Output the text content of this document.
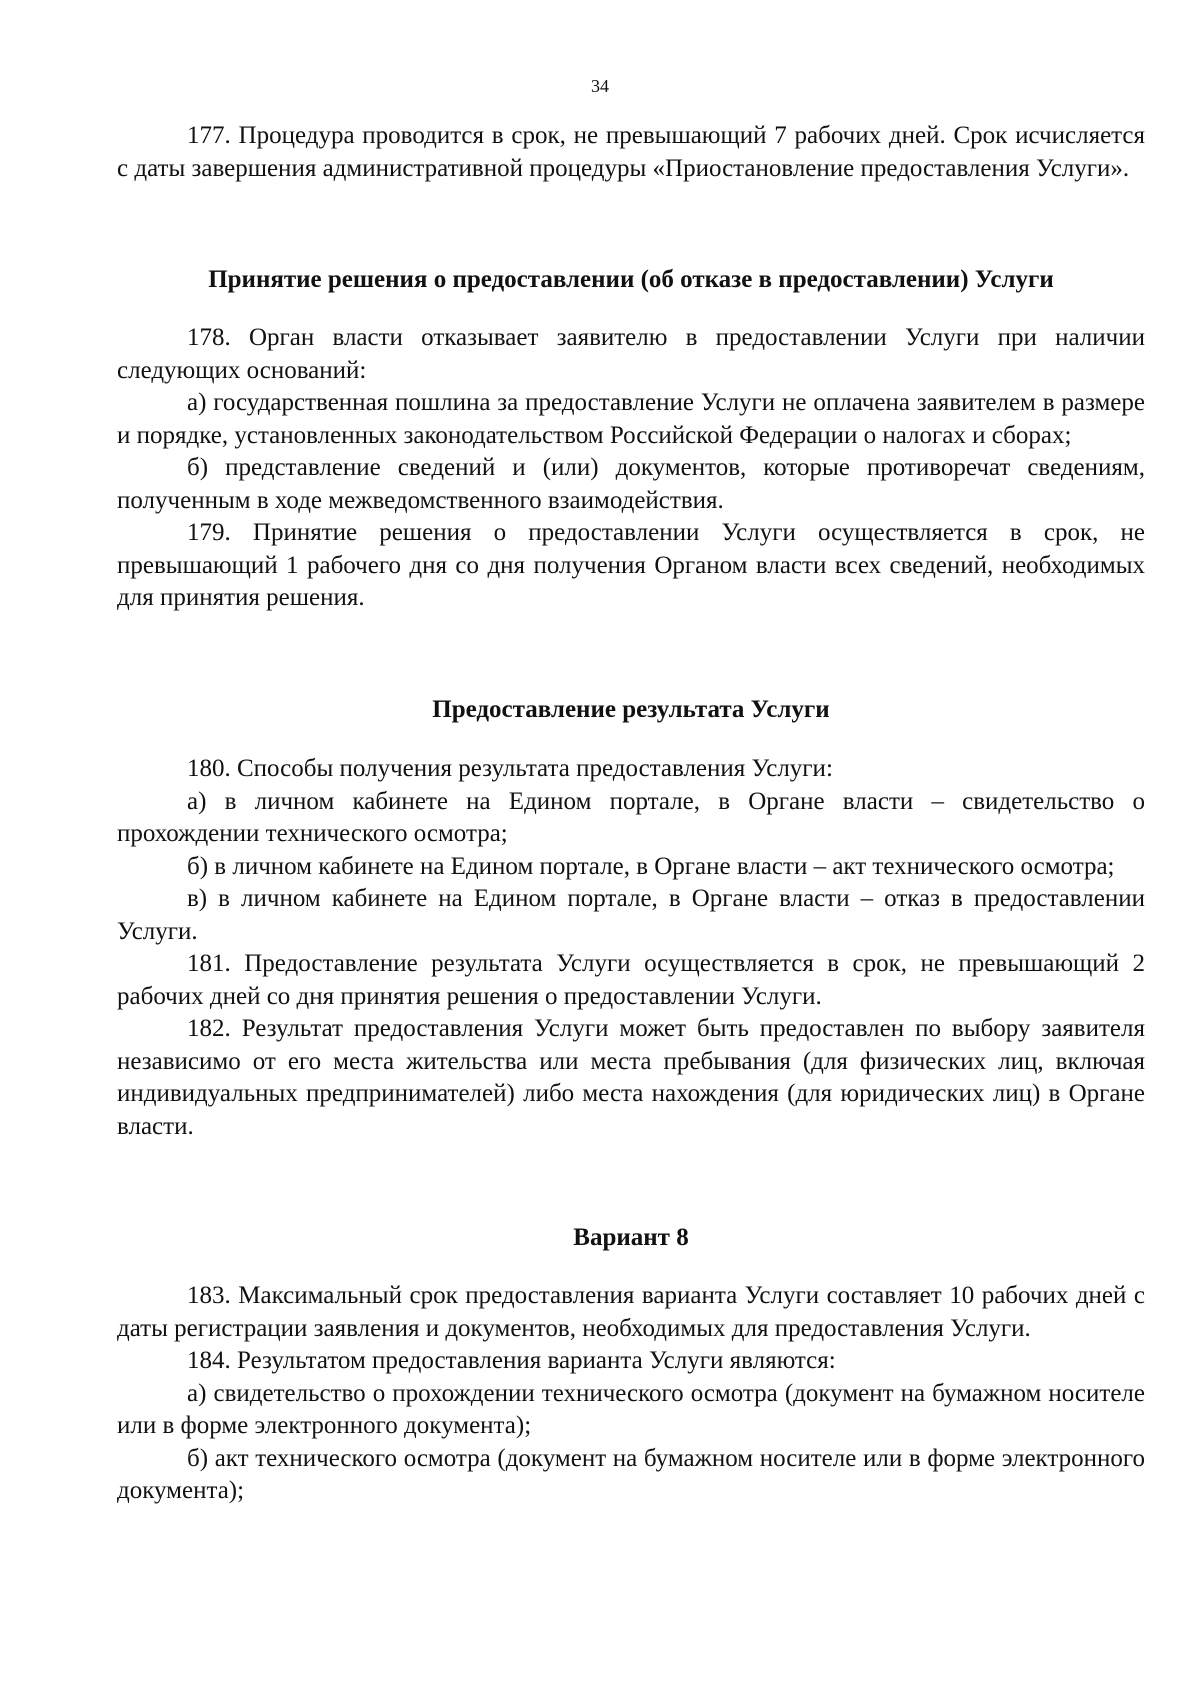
34

177. Процедура проводится в срок, не превышающий 7 рабочих дней. Срок исчисляется с даты завершения административной процедуры «Приостановление предоставления Услуги».

Принятие решения о предоставлении (об отказе в предоставлении) Услуги

178. Орган власти отказывает заявителю в предоставлении Услуги при наличии следующих оснований:

а) государственная пошлина за предоставление Услуги не оплачена заявителем в размере и порядке, установленных законодательством Российской Федерации о налогах и сборах;

б) представление сведений и (или) документов, которые противоречат сведениям, полученным в ходе межведомственного взаимодействия.

179. Принятие решения о предоставлении Услуги осуществляется в срок, не превышающий 1 рабочего дня со дня получения Органом власти всех сведений, необходимых для принятия решения.

Предоставление результата Услуги

180. Способы получения результата предоставления Услуги:

а) в личном кабинете на Едином портале, в Органе власти – свидетельство о прохождении технического осмотра;

б) в личном кабинете на Едином портале, в Органе власти – акт технического осмотра;

в) в личном кабинете на Едином портале, в Органе власти – отказ в предоставлении Услуги.

181. Предоставление результата Услуги осуществляется в срок, не превышающий 2 рабочих дней со дня принятия решения о предоставлении Услуги.

182. Результат предоставления Услуги может быть предоставлен по выбору заявителя независимо от его места жительства или места пребывания (для физических лиц, включая индивидуальных предпринимателей) либо места нахождения (для юридических лиц) в Органе власти.

Вариант 8

183. Максимальный срок предоставления варианта Услуги составляет 10 рабочих дней с даты регистрации заявления и документов, необходимых для предоставления Услуги.

184. Результатом предоставления варианта Услуги являются:

а) свидетельство о прохождении технического осмотра (документ на бумажном носителе или в форме электронного документа);

б) акт технического осмотра (документ на бумажном носителе или в форме электронного документа);
